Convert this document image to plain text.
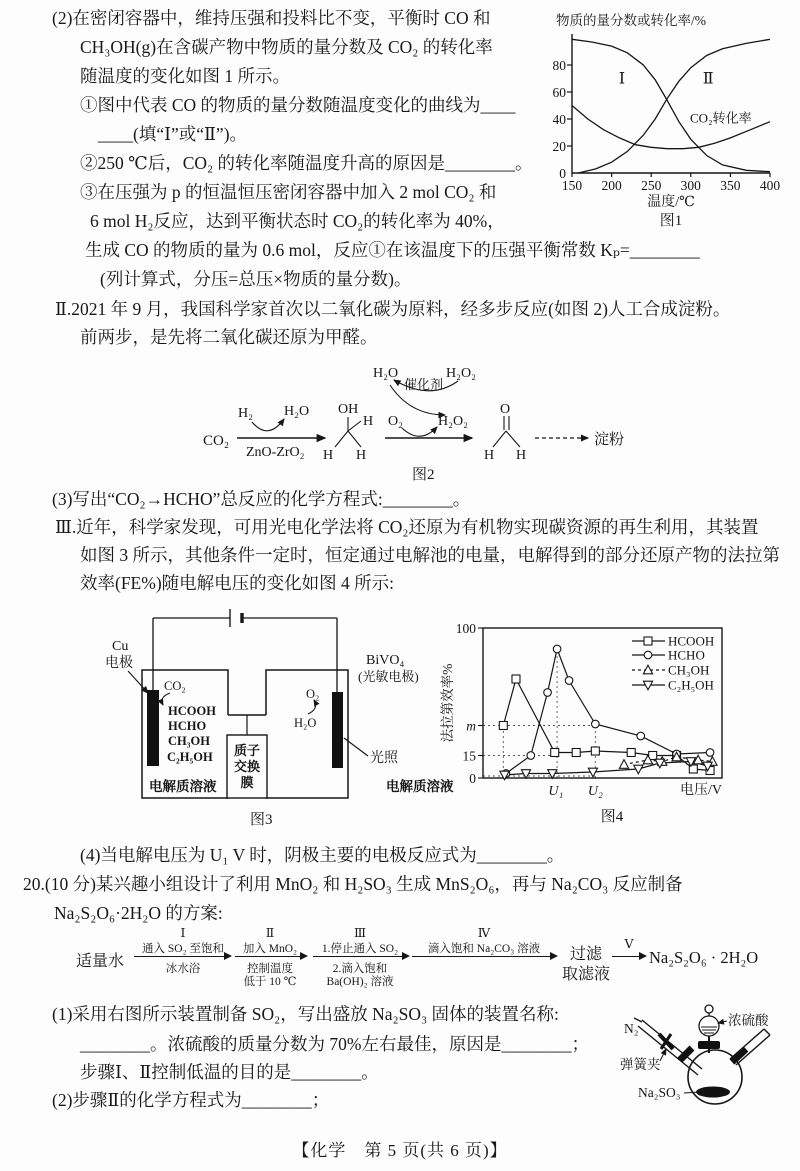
(2)在密闭容器中，维持压强和投料比不变，平衡时 CO 和
CH₃OH(g)在含碳产物中物质的量分数及 CO₂ 的转化率
随温度的变化如图 1 所示。
①图中代表 CO 的物质的量分数随温度变化的曲线为____
____(填“Ⅰ”或“Ⅱ”)。
②250 ℃后，CO₂ 的转化率随温度升高的原因是________。
③在压强为 p 的恒温恒压密闭容器中加入 2 mol CO₂ 和
6 mol H₂反应，达到平衡状态时 CO₂的转化率为 40%，
生成 CO 的物质的量为 0.6 mol，反应①在该温度下的压强平衡常数 Kₚ=________
(列计算式，分压=总压×物质的量分数)。
Ⅱ.2021 年 9 月，我国科学家首次以二氧化碳为原料，经多步反应(如图 2)人工合成淀粉。
前两步，是先将二氧化碳还原为甲醛。
(3)写出“CO₂→HCHO”总反应的化学方程式:________。
Ⅲ.近年，科学家发现，可用光电化学法将 CO₂还原为有机物实现碳资源的再生利用，其装置
如图 3 所示，其他条件一定时，恒定通过电解池的电量，电解得到的部分还原产物的法拉第
效率(FE%)随电解电压的变化如图 4 所示:
(4)当电解电压为 U₁ V 时，阴极主要的电极反应式为________。
0
20
40
60
80
150 200 250 300 350 400
Ⅰ	Ⅱ
CO₂转化率
物质的量分数或转化率/%
温度/℃
图1
CO₂
H₂ H₂O
ZnO-ZrO₂
OH
H
H H
O₂	H₂O₂
H₂O
催化剂
H₂O₂
O
H H
淀粉
图2
Cu
电极
CO₂
HCOOH
HCHO
CH₃OH
C₂H₅OH
电解质溶液
质子
交换
膜
O₂
H₂O
BiVO₄
(光敏电极)
光照
电解质溶液
图3
100
m
15
0
U₁ U₂
HCOOH
HCHO
CH₃OH
C₂H₅OH
法拉第效率%
电压/V
图4
20.(10 分)某兴趣小组设计了利用 MnO₂ 和 H₂SO₃ 生成 MnS₂O₆，再与 Na₂CO₃ 反应制备
Na₂S₂O₆·2H₂O 的方案:
(1)采用右图所示装置制备 SO₂，写出盛放 Na₂SO₃ 固体的装置名称:
________。浓硫酸的质量分数为 70%左右最佳，原因是________；
步骤Ⅰ、Ⅱ控制低温的目的是________。
(2)步骤Ⅱ的化学方程式为________；
适量水
Ⅰ
通入 SO₂ 至饱和
冰水浴
Ⅱ
加入 MnO₂
控制温度
低于 10 ℃
Ⅲ
1.停止通入 SO₂
2.滴入饱和
Ba(OH)₂ 溶液
Ⅳ
滴入饱和 Na₂CO₃ 溶液	过滤
取滤液
Ⅴ
Na₂S₂O₆ · 2H₂O
N₂
弹簧夹
浓硫酸
Na₂SO₃
【化学　第 5 页(共 6 页)】
